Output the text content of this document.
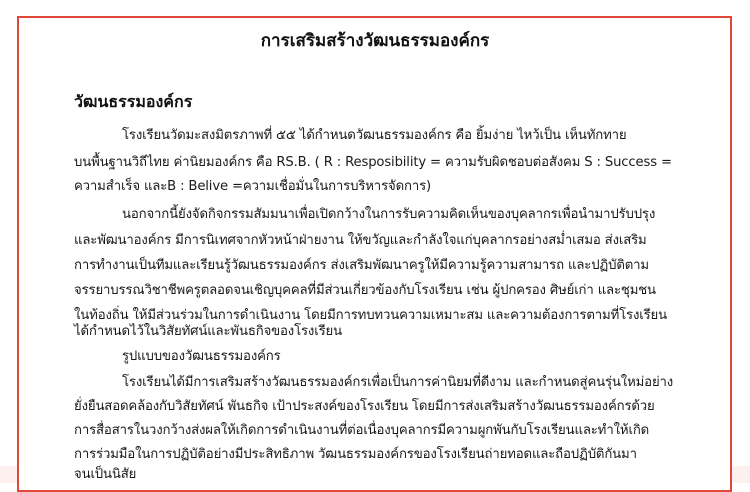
การเสริมสร้างวัฒนธรรมองค์กร
วัฒนธรรมองค์กร
โรงเรียนวัดมะสงมิตรภาพที่ ๕๕ ได้กำหนดวัฒนธรรมองค์กร คือ ยิ้มง่าย ไหว้เป็น เห็นทักทาย
บนพื้นฐานวิถีไทย ค่านิยมองค์กร คือ RS.B. ( R : Resposibility = ความรับผิดชอบต่อสังคม S : Success =
ความสำเร็จ และB : Belive =ความเชื่อมั่นในการบริหารจัดการ)
นอกจากนี้ยังจัดกิจกรรมสัมมนาเพื่อเปิดกว้างในการรับความคิดเห็นของบุคลากรเพื่อนำมาปรับปรุง
และพัฒนาองค์กร มีการนิเทศจากหัวหน้าฝ่ายงาน ให้ขวัญและกำลังใจแก่บุคลากรอย่างสม่ำเสมอ ส่งเสริม
การทำงานเป็นทีมและเรียนรู้วัฒนธรรมองค์กร ส่งเสริมพัฒนาครูให้มีความรู้ความสามารถ และปฏิบัติตาม
จรรยาบรรณวิชาชีพครูตลอดจนเชิญบุคคลที่มีส่วนเกี่ยวข้องกับโรงเรียน เช่น ผู้ปกครอง ศิษย์เก่า และชุมชน
ในท้องถิ่น ให้มีส่วนร่วมในการดำเนินงาน โดยมีการทบทวนความเหมาะสม และความต้องการตามที่โรงเรียน
ได้กำหนดไว้ในวิสัยทัศน์และพันธกิจของโรงเรียน
รูปแบบของวัฒนธรรมองค์กร
โรงเรียนได้มีการเสริมสร้างวัฒนธรรมองค์กรเพื่อเป็นการค่านิยมที่ดีงาม และกำหนดสู่คนรุ่นใหม่อย่าง
ยั่งยืนสอดคล้องกับวิสัยทัศน์ พันธกิจ เป้าประสงค์ของโรงเรียน โดยมีการส่งเสริมสร้างวัฒนธรรมองค์กรด้วย
การสื่อสารในวงกว้างส่งผลให้เกิดการดำเนินงานที่ต่อเนื่องบุคลากรมีความผูกพันกับโรงเรียนและทำให้เกิด
การร่วมมือในการปฏิบัติอย่างมีประสิทธิภาพ วัฒนธรรมองค์กรของโรงเรียนถ่ายทอดและถือปฏิบัติกันมา
